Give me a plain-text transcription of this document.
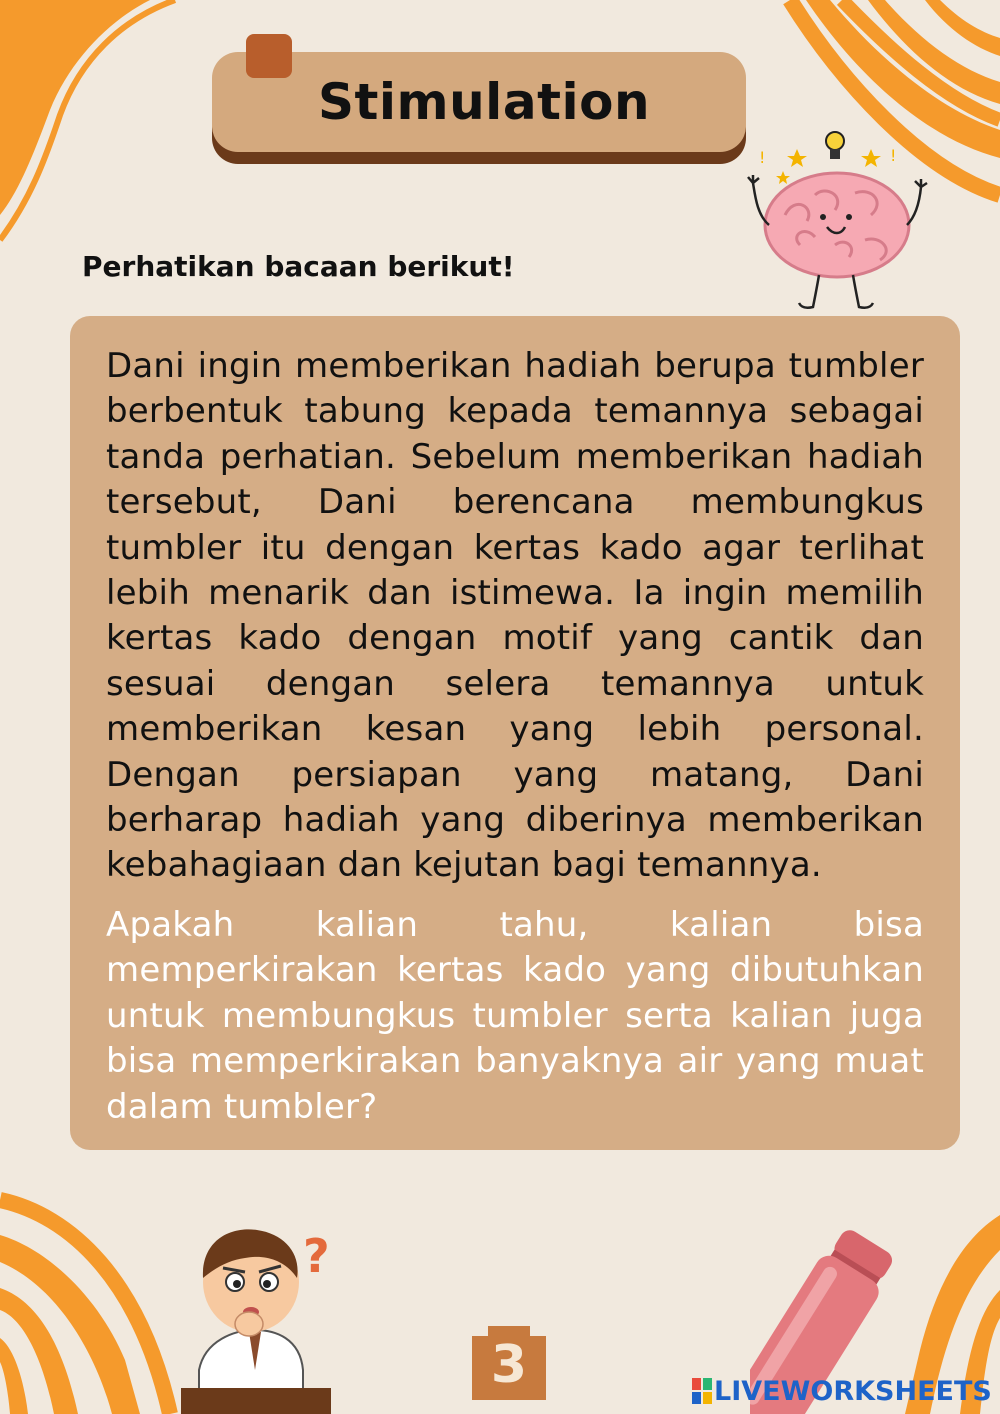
Stimulation
!	!
Perhatikan bacaan berikut!

Dani ingin memberikan hadiah berupa tumbler berbentuk tabung kepada temannya sebagai tanda perhatian. Sebelum memberikan hadiah tersebut, Dani berencana membungkus tumbler itu dengan kertas kado agar terlihat lebih menarik dan istimewa. Ia ingin memilih kertas kado dengan motif yang cantik dan sesuai dengan selera temannya untuk memberikan kesan yang lebih personal. Dengan persiapan yang matang, Dani berharap hadiah yang diberinya memberikan kebahagiaan dan kejutan bagi temannya.

Apakah kalian tahu, kalian bisa memperkirakan kertas kado yang dibutuhkan untuk membungkus tumbler serta kalian juga bisa memperkirakan banyaknya air yang muat dalam tumbler?

?
3	LIVEWORKSHEETS
